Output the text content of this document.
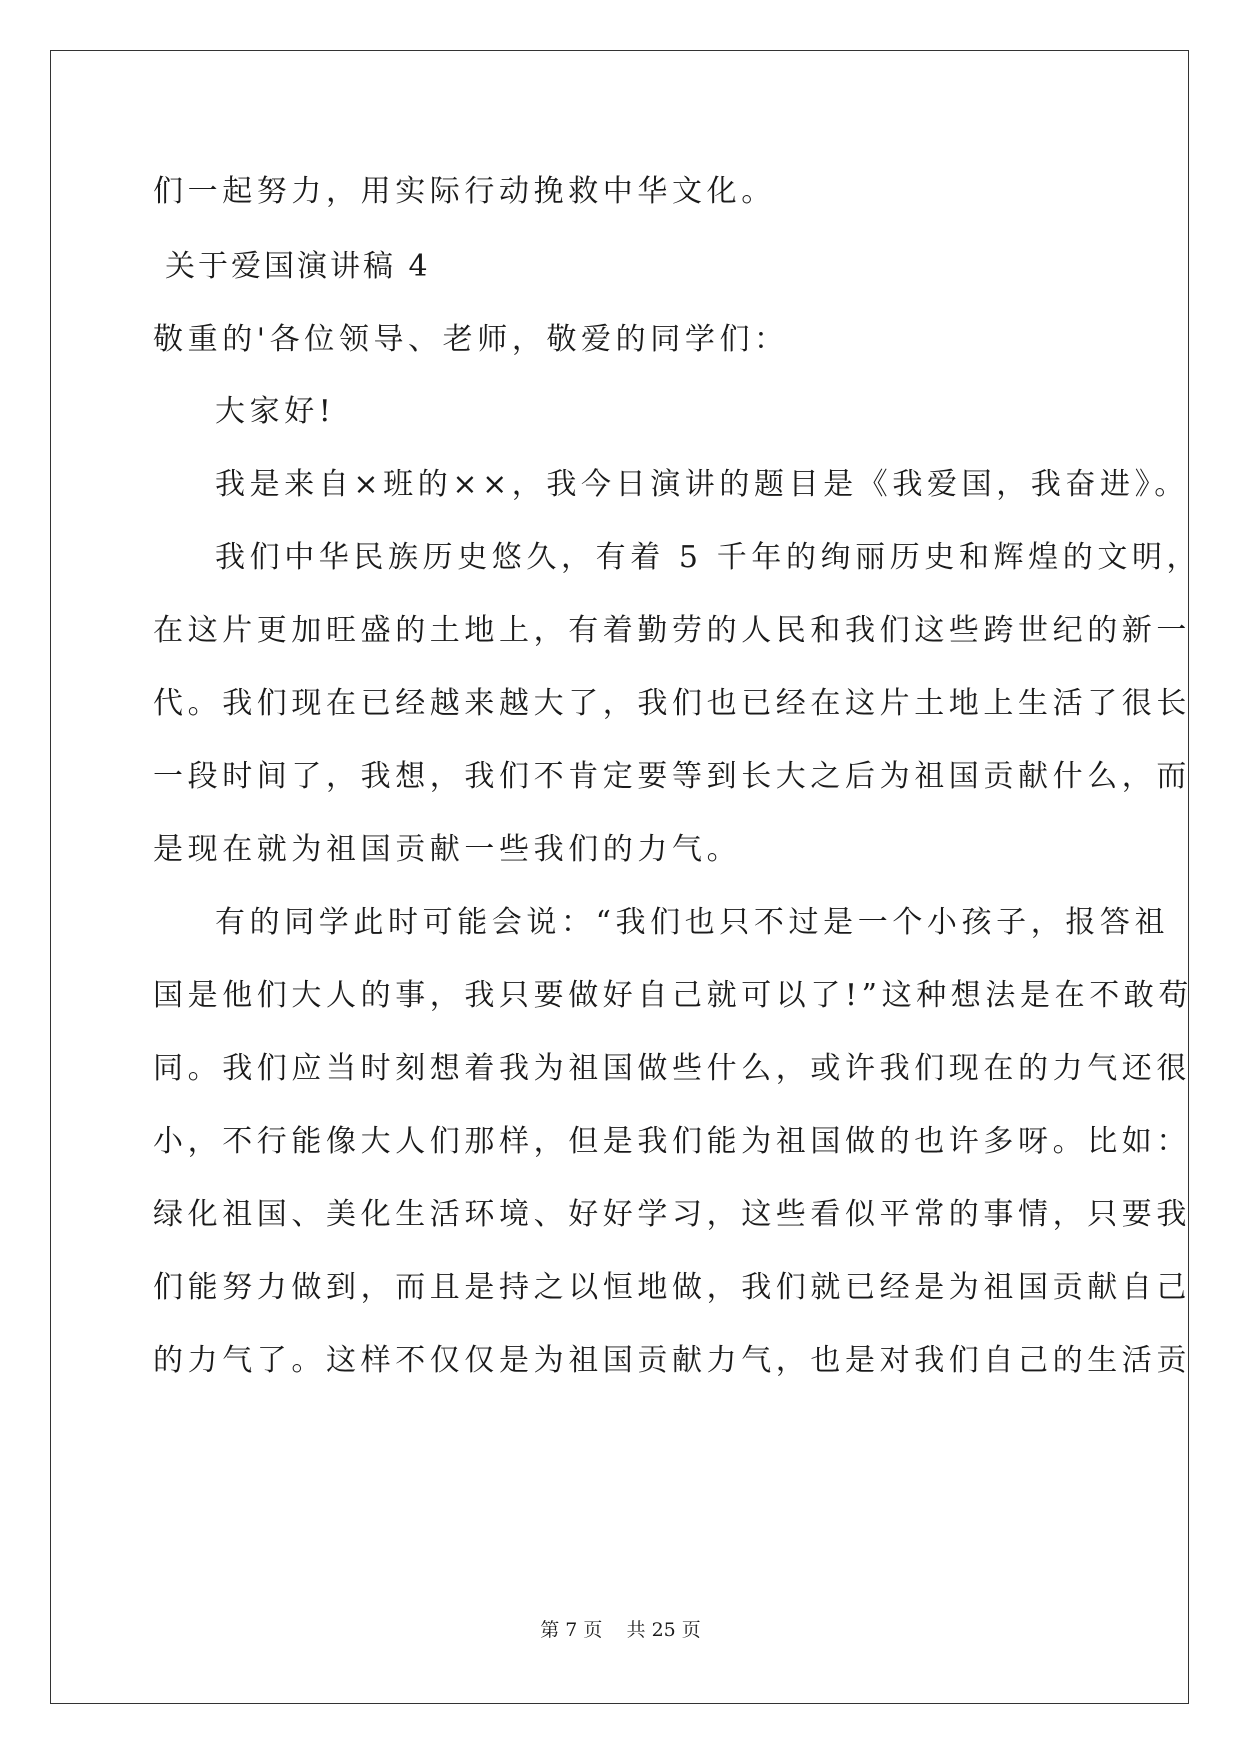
们一起努力，用实际行动挽救中华文化。
关于爱国演讲稿 4
敬重的'各位领导、老师，敬爱的同学们：
大家好!
我是来自×班的××，我今日演讲的题目是《我爱国，我奋进》。
我们中华民族历史悠久，有着 5 千年的绚丽历史和辉煌的文明，
在这片更加旺盛的土地上，有着勤劳的人民和我们这些跨世纪的新一
代。我们现在已经越来越大了，我们也已经在这片土地上生活了很长
一段时间了，我想，我们不肯定要等到长大之后为祖国贡献什么，而
是现在就为祖国贡献一些我们的力气。
有的同学此时可能会说：“我们也只不过是一个小孩子，报答祖
国是他们大人的事，我只要做好自己就可以了!”这种想法是在不敢苟
同。我们应当时刻想着我为祖国做些什么，或许我们现在的力气还很
小，不行能像大人们那样，但是我们能为祖国做的也许多呀。比如：
绿化祖国、美化生活环境、好好学习，这些看似平常的事情，只要我
们能努力做到，而且是持之以恒地做，我们就已经是为祖国贡献自己
的力气了。这样不仅仅是为祖国贡献力气，也是对我们自己的生活贡
第 7 页    共 25 页
